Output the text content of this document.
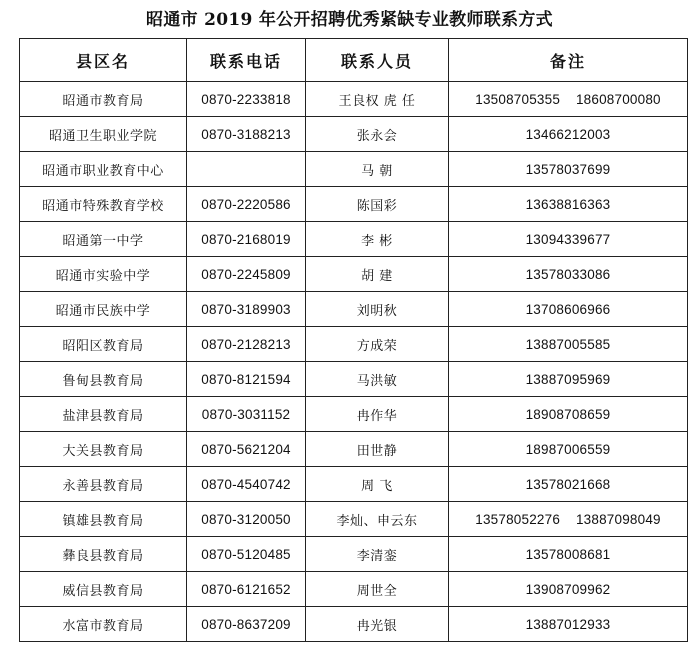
昭通市 2019 年公开招聘优秀紧缺专业教师联系方式
县区名	联系电话	联系人员	备注
昭通市教育局	0870-2233818	王良权 虎 任	13508705355 18608700080
昭通卫生职业学院	0870-3188213	张永会	13466212003
昭通市职业教育中心		马 朝	13578037699
昭通市特殊教育学校	0870-2220586	陈国彩	13638816363
昭通第一中学	0870-2168019	李 彬	13094339677
昭通市实验中学	0870-2245809	胡 建	13578033086
昭通市民族中学	0870-3189903	刘明秋	13708606966
昭阳区教育局	0870-2128213	方成荣	13887005585
鲁甸县教育局	0870-8121594	马洪敏	13887095969
盐津县教育局	0870-3031152	冉作华	18908708659
大关县教育局	0870-5621204	田世静	18987006559
永善县教育局	0870-4540742	周 飞	13578021668
镇雄县教育局	0870-3120050	李灿、申云东	13578052276 13887098049
彝良县教育局	0870-5120485	李清銮	13578008681
威信县教育局	0870-6121652	周世全	13908709962
水富市教育局	0870-8637209	冉光银	13887012933
